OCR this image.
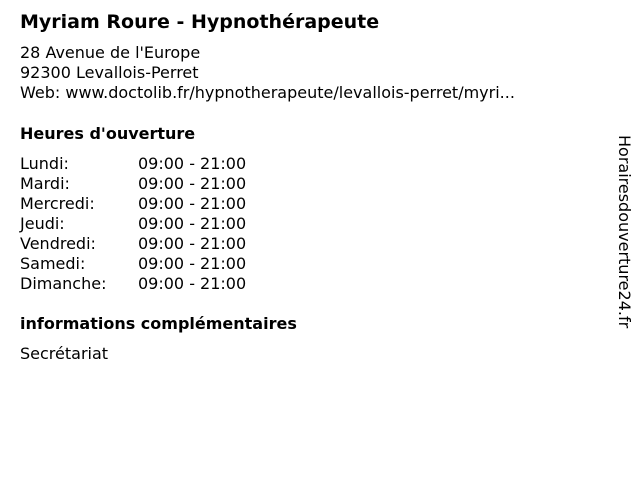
Myriam Roure - Hypnothérapeute
28 Avenue de l'Europe
92300 Levallois-Perret
Web: www.doctolib.fr/hypnotherapeute/levallois-perret/myri...
Heures d'ouverture
Lundi:	09:00 - 21:00
Mardi:	09:00 - 21:00
Mercredi:	09:00 - 21:00
Jeudi:	09:00 - 21:00
Vendredi:	09:00 - 21:00
Samedi:	09:00 - 21:00
Dimanche: 09:00 - 21:00
informations complémentaires
Secrétariat
Horairesdouverture24.fr
